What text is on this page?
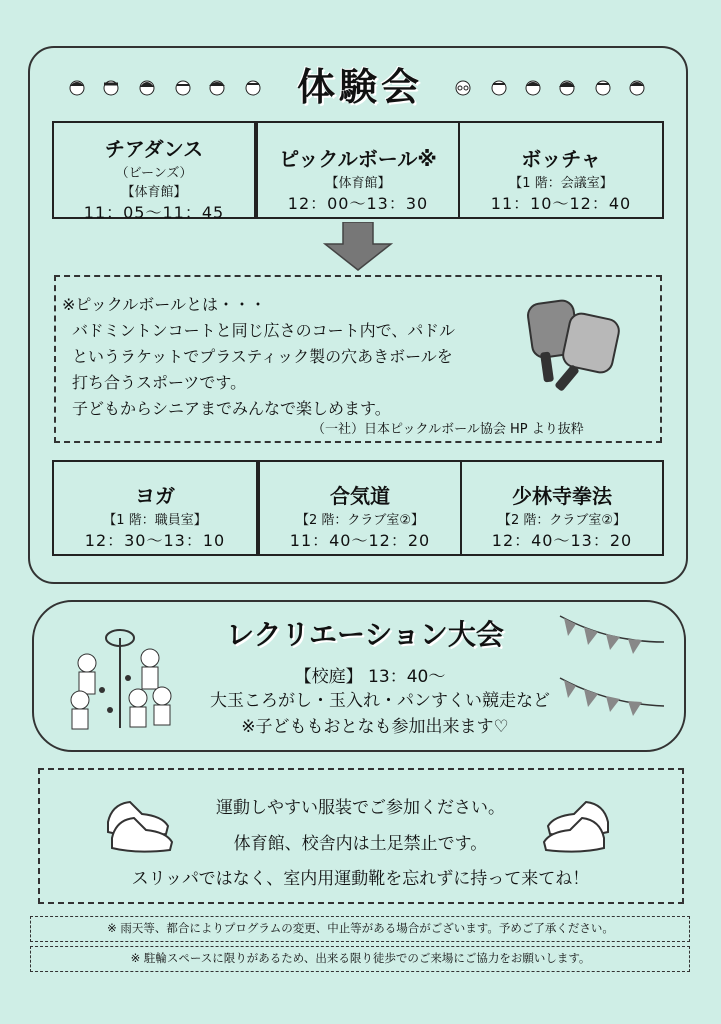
体験会
チアダンス
（ビーンズ）
【体育館】
11：05〜11：45
ピックルボール※
【体育館】
12：00〜13：30
ボッチャ
【1 階：会議室】
11：10〜12：40
※ピックルボールとは・・・
バドミントンコートと同じ広さのコート内で、パドル
というラケットでプラスティック製の穴あきボールを
打ち合うスポーツです。
子どもからシニアまでみんなで楽しめます。
（一社）日本ピックルボール協会 HP より抜粋
ヨガ
【1 階：職員室】
12：30〜13：10
合気道
【2 階：クラブ室②】
11：40〜12：20
少林寺拳法
【2 階：クラブ室②】
12：40〜13：20
レクリエーション大会
【校庭】 13：40〜
大玉ころがし・玉入れ・パンすくい競走など
※子どももおとなも参加出来ます♡
運動しやすい服装でご参加ください。
体育館、校舎内は土足禁止です。
スリッパではなく、室内用運動靴を忘れずに持って来てね！
※ 雨天等、都合によりプログラムの変更、中止等がある場合がございます。予めご了承ください。
※ 駐輪スペースに限りがあるため、出来る限り徒歩でのご来場にご協力をお願いします。
